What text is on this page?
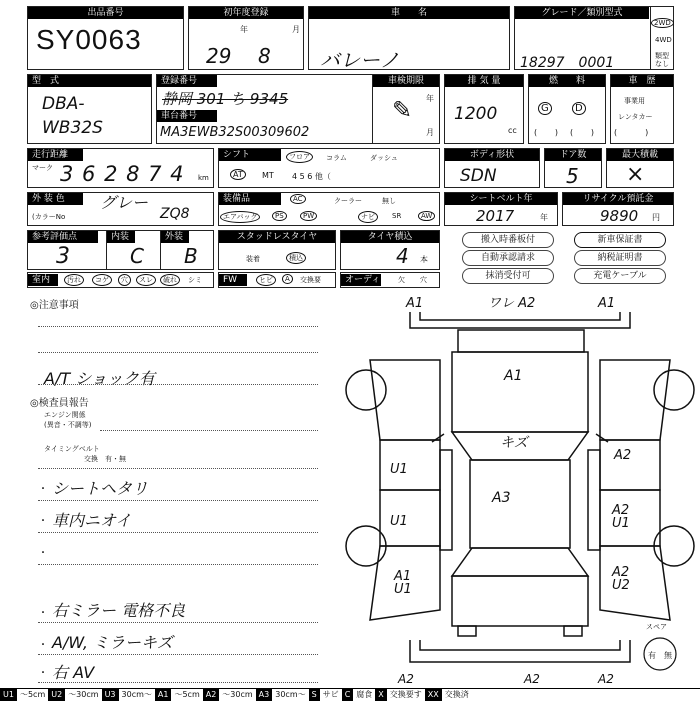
出品番号
SY0063
初年度登録
年	月
29 8
車　　名
バレーノ
グレード／類別型式
18297　0001
2WD
4WD
類型なし
型　式
DBA-WB32S
登録番号
静岡 301 ち 9345
車台番号
MA3EWB32S00309602
車検期限
年
月
✎
排 気 量
1200
cc
燃　　料
G	D
(       ) (       )
車　歴
事業用
レンタカー
(           )
走行距離
マーク 3 6 2 8 7 4 km
シフト	フロア	コラム	ダッシュ
AT	MT 4 5 6 他（
ボディ形状
SDN
ドア数
5
最大積載
×
外 装 色	グレー
(カラーNo	ZQ8
装備品	AC	クーラー	無し
エアバッグ	PS	PW	ナビ	SR	AW
シートベルト年
2017	年
リサイクル預託金
9890 円
参考評価点
3
内装
C
外装
B
スタッドレスタイヤ
装着	積込
タイヤ積込
4 本
搬入時番板付
自動承認請求
抹消受付可
新車保証書
納税証明書
充電ケーブル
室内	汚れ	コゲ	穴	スレ	破れ	シミ	FW	ヒビ	A	交換要	オーディオ 欠 穴
◎注意事項
A/T ショック有
◎検査員報告
エンジン関係
(異音・不調等)
タイミングベルト
交換　有・無
・ シートヘタリ
・ 車内ニオイ
・
・ 右ミラー 電格不良
・ A/W, ミラーキズ
・ 右 AV
A1	ワレ A2	A1
A1
キズ
U1
U1
A3
A2
A2 U1
A1 U1
A2 U2
A2	A2	A2
スペア
有 無
U1 ～5cm U2 ～30cm U3 30cm～ A1 ～5cm A2 ～30cm A3 30cm～ S サビ C 腐食 X 交換要す XX 交換済
